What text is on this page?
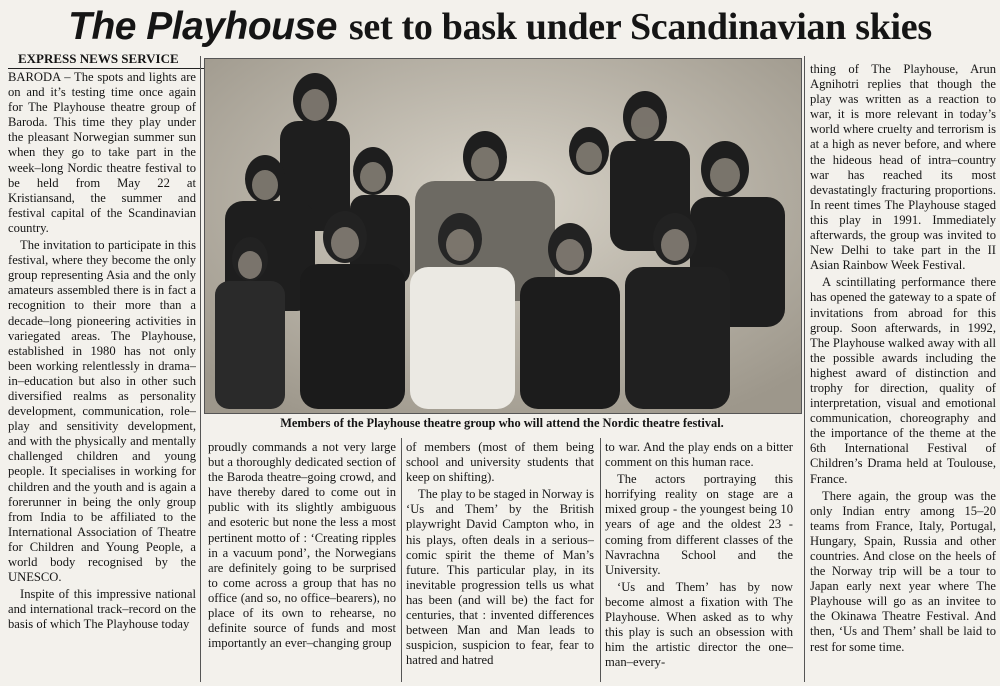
The Playhouse set to bask under Scandinavian skies
EXPRESS NEWS SERVICE

BARODA – The spots and lights are on and it’s testing time once again for The Playhouse theatre group of Baroda. This time they play under the pleasant Norwegian summer sun when they go to take part in the week–long Nordic theatre festival to be held from May 22 at Kristiansand, the summer and festival capital of the Scandinavian country.

The invitation to participate in this festival, where they become the only group representing Asia and the only amateurs assembled there is in fact a recognition to their more than a decade–long pioneering activities in variegated areas. The Playhouse, established in 1980 has not only been working relentlessly in drama–in–education but also in other such diversified realms as personality development, communication, role–play and sensitivity development, and with the physically and mentally challenged children and young people. It specialises in working for children and the youth and is again a forerunner in being the only group from India to be affiliated to the International Association of Theatre for Children and Young People, a world body recognised by the UNESCO.

Inspite of this impressive national and international track–record on the basis of which The Playhouse today

Members of the Playhouse theatre group who will attend the Nordic theatre festival.

proudly commands a not very large but a thoroughly dedicated section of the Baroda theatre–going crowd, and have thereby dared to come out in public with its slightly ambiguous and esoteric but none the less a most pertinent motto of : ‘Creating ripples in a vacuum pond’, the Norwegians are definitely going to be surprised to come across a group that has no office (and so, no office–bearers), no place of its own to rehearse, no definite source of funds and most importantly an ever–changing group

of members (most of them being school and university students that keep on shifting).

The play to be staged in Norway is ‘Us and Them’ by the British playwright David Campton who, in his plays, often deals in a serious–comic spirit the theme of Man’s future. This particular play, in its inevitable progression tells us what has been (and will be) the fact for centuries, that : invented differences between Man and Man leads to suspicion, suspicion to fear, fear to hatred and hatred

to war. And the play ends on a bitter comment on this human race.

The actors portraying this horrifying reality on stage are a mixed group - the youngest being 10 years of age and the oldest 23 - coming from different classes of the Navrachna School and the University.

‘Us and Them’ has by now become almost a fixation with The Playhouse. When asked as to why this play is such an obsession with him the artistic director the one–man–every-

thing of The Playhouse, Arun Agnihotri replies that though the play was written as a reaction to war, it is more relevant in today’s world where cruelty and terrorism is at a high as never before, and where the hideous head of intra–country war has reached its most devastatingly fracturing proportions. In reent times The Playhouse staged this play in 1991. Immediately afterwards, the group was invited to New Delhi to take part in the II Asian Rainbow Week Festival.

A scintillating performance there has opened the gateway to a spate of invitations from abroad for this group. Soon afterwards, in 1992, The Playhouse walked away with all the possible awards including the highest award of distinction and trophy for direction, quality of interpretation, visual and emotional communication, choreography and the importance of the theme at the 6th International Festival of Children’s Drama held at Toulouse, France.

There again, the group was the only Indian entry among 15–20 teams from France, Italy, Portugal, Hungary, Spain, Russia and other countries. And close on the heels of the Norway trip will be a tour to Japan early next year where The Playhouse will go as an invitee to the Okinawa Theatre Festival. And then, ‘Us and Them’ shall be laid to rest for some time.
